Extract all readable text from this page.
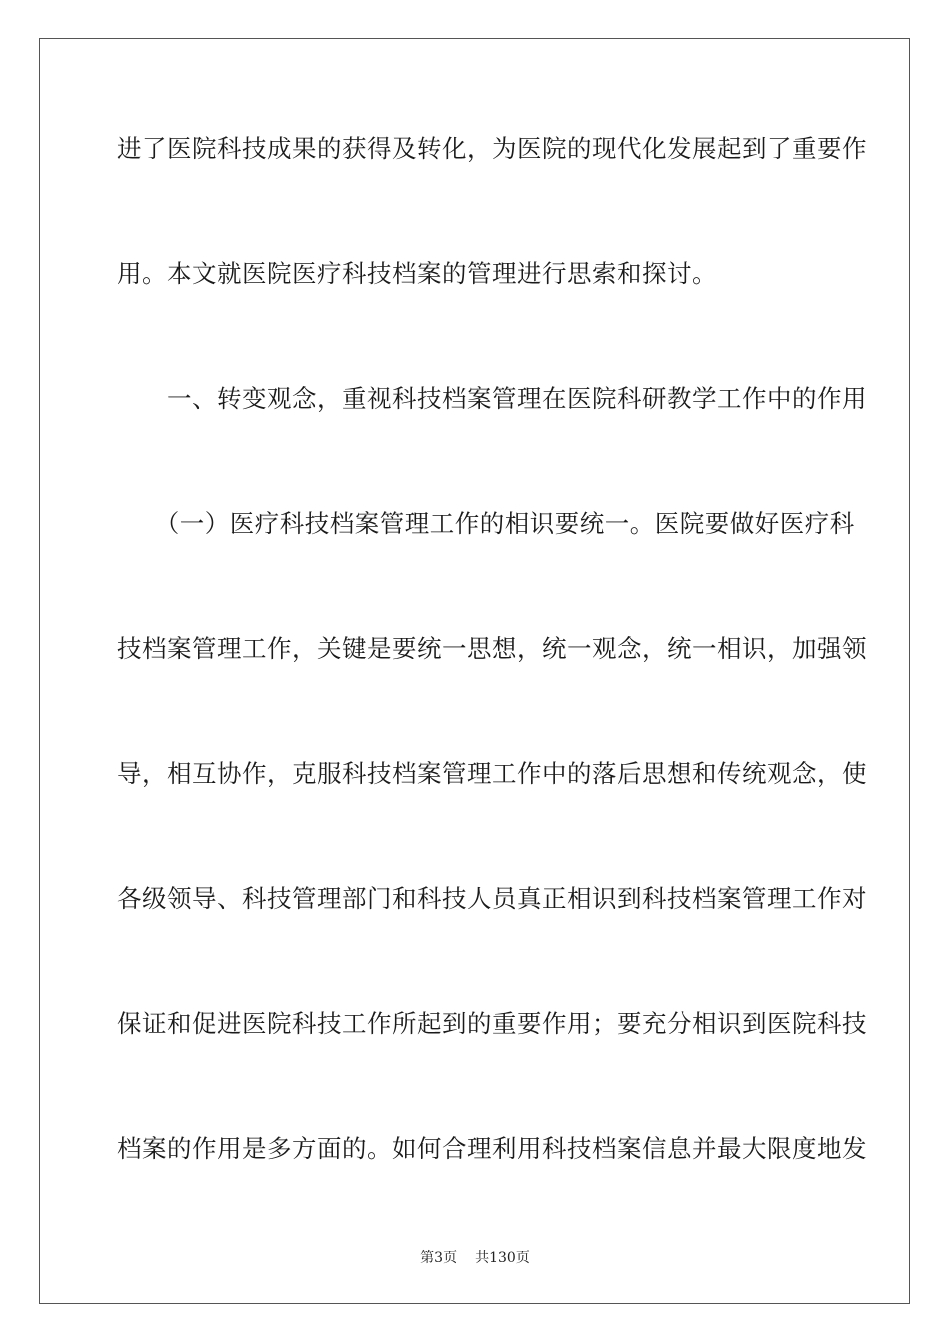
进了医院科技成果的获得及转化，为医院的现代化发展起到了重要作
用。本文就医院医疗科技档案的管理进行思索和探讨。
　　一、转变观念，重视科技档案管理在医院科研教学工作中的作用
　　（一）医疗科技档案管理工作的相识要统一。医院要做好医疗科
技档案管理工作，关键是要统一思想，统一观念，统一相识，加强领
导，相互协作，克服科技档案管理工作中的落后思想和传统观念，使
各级领导、科技管理部门和科技人员真正相识到科技档案管理工作对
保证和促进医院科技工作所起到的重要作用；要充分相识到医院科技
档案的作用是多方面的。如何合理利用科技档案信息并最大限度地发
第3页 共130页
